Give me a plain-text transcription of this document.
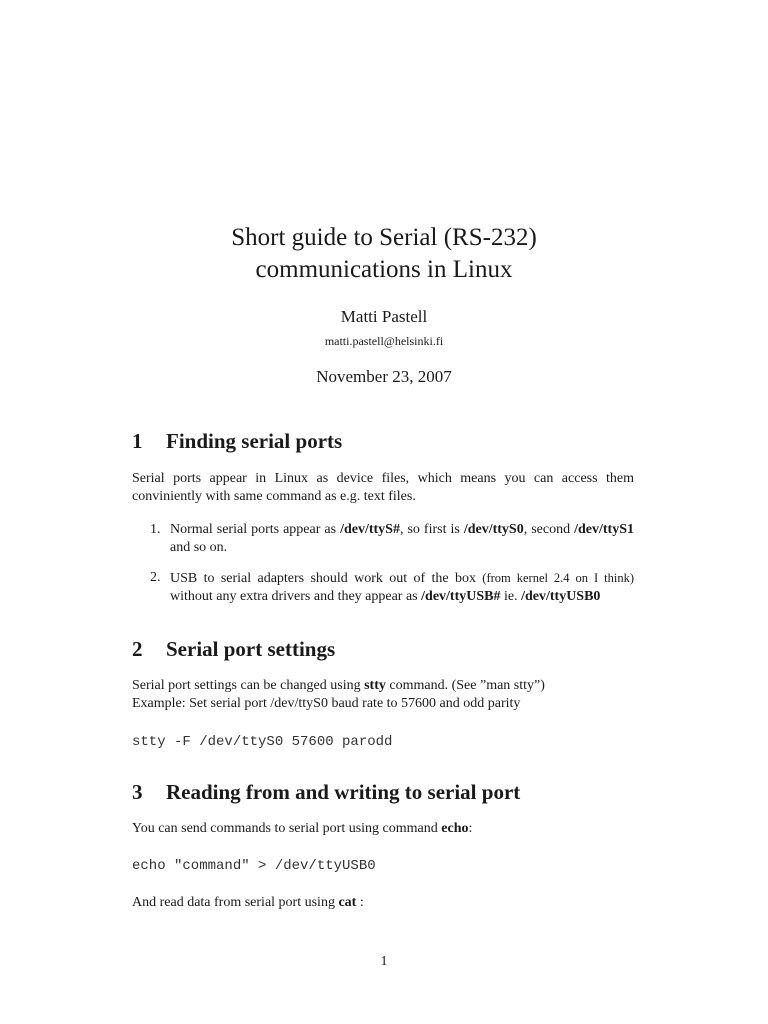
Short guide to Serial (RS-232)
communications in Linux
Matti Pastell
matti.pastell@helsinki.fi
November 23, 2007
1 Finding serial ports

Serial ports appear in Linux as device files, which means you can access them conviniently with same command as e.g. text files.

1. Normal serial ports appear as /dev/ttyS#, so first is /dev/ttyS0, second /dev/ttyS1 and so on.
2. USB to serial adapters should work out of the box (from kernel 2.4 on I think) without any extra drivers and they appear as /dev/ttyUSB# ie. /dev/ttyUSB0
2 Serial port settings

Serial port settings can be changed using stty command. (See ”man stty”)
Example: Set serial port /dev/ttyS0 baud rate to 57600 and odd parity

stty -F /dev/ttyS0 57600 parodd
3 Reading from and writing to serial port

You can send commands to serial port using command echo:

echo "command" > /dev/ttyUSB0

And read data from serial port using cat :

1
